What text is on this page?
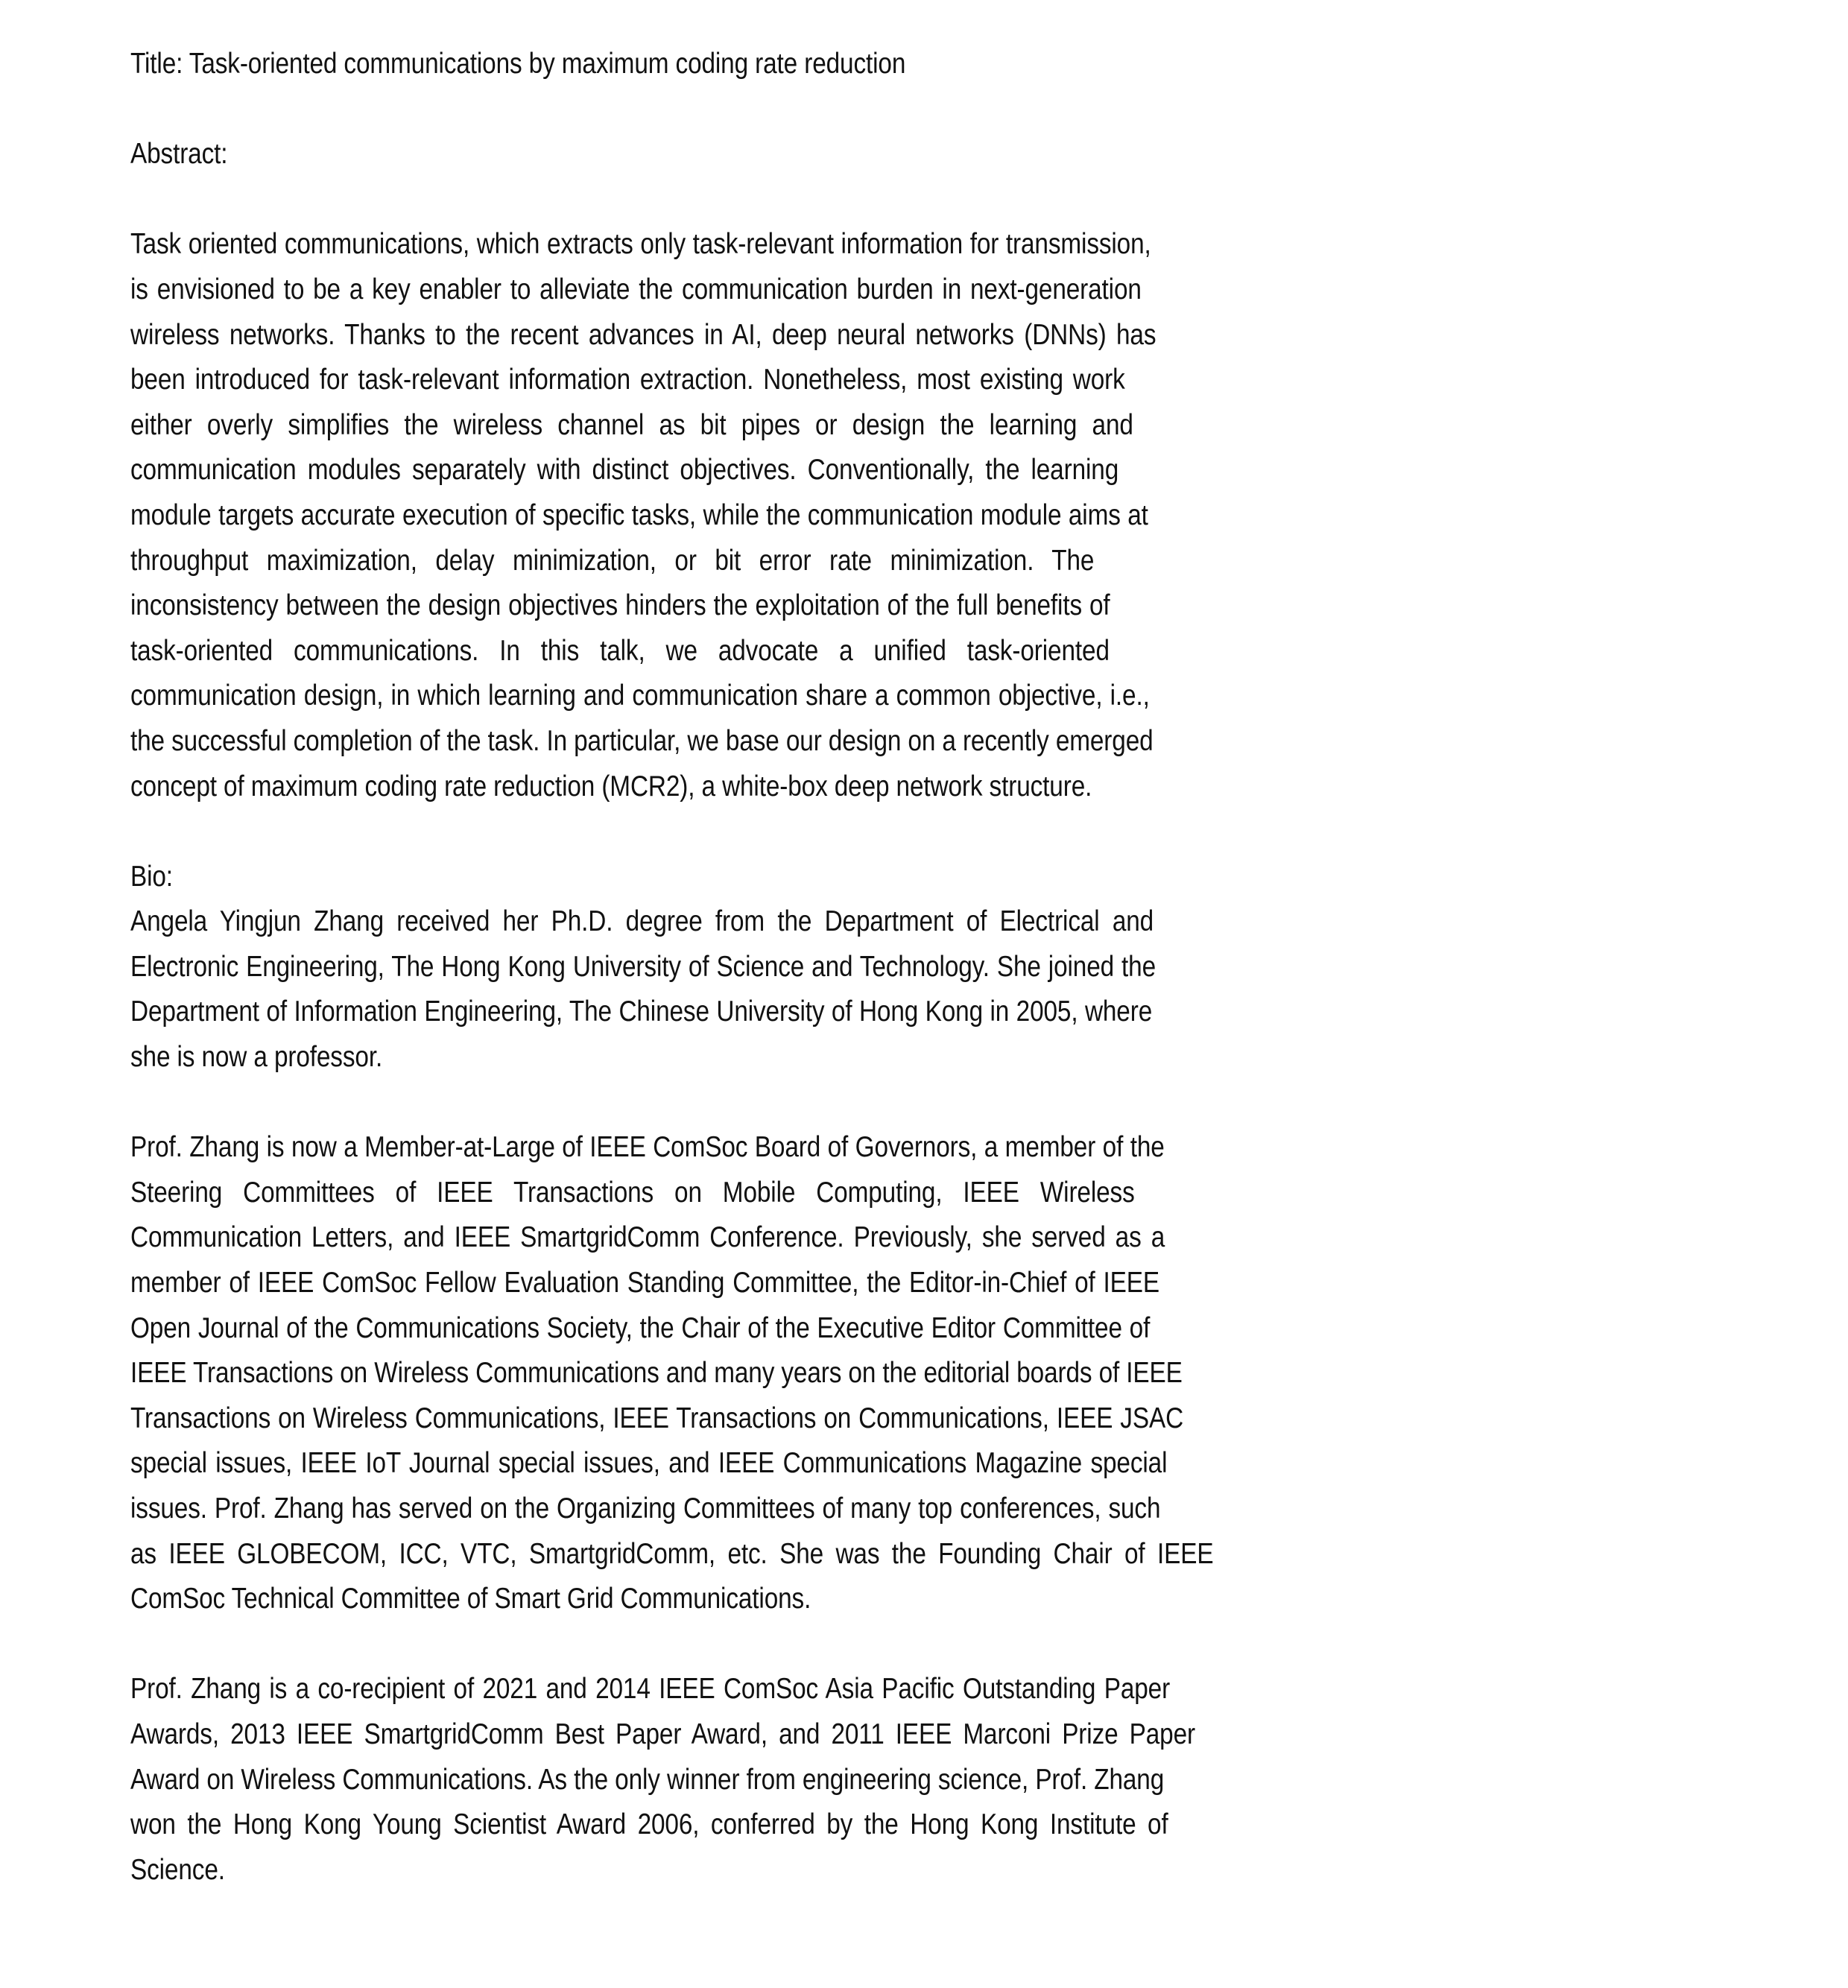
Title: Task-oriented communications by maximum coding rate reduction
Abstract:
Task oriented communications, which extracts only task-relevant information for transmission,
is envisioned to be a key enabler to alleviate the communication burden in next-generation
wireless networks. Thanks to the recent advances in AI, deep neural networks (DNNs) has
been introduced for task-relevant information extraction. Nonetheless, most existing work
either overly simplifies the wireless channel as bit pipes or design the learning and
communication modules separately with distinct objectives. Conventionally, the learning
module targets accurate execution of specific tasks, while the communication module aims at
throughput maximization, delay minimization, or bit error rate minimization. The
inconsistency between the design objectives hinders the exploitation of the full benefits of
task-oriented communications. In this talk, we advocate a unified task-oriented
communication design, in which learning and communication share a common objective, i.e.,
the successful completion of the task. In particular, we base our design on a recently emerged
concept of maximum coding rate reduction (MCR2), a white-box deep network structure.
Bio:
Angela Yingjun Zhang received her Ph.D. degree from the Department of Electrical and
Electronic Engineering, The Hong Kong University of Science and Technology. She joined the
Department of Information Engineering, The Chinese University of Hong Kong in 2005, where
she is now a professor.
Prof. Zhang is now a Member-at-Large of IEEE ComSoc Board of Governors, a member of the
Steering Committees of IEEE Transactions on Mobile Computing, IEEE Wireless
Communication Letters, and IEEE SmartgridComm Conference. Previously, she served as a
member of IEEE ComSoc Fellow Evaluation Standing Committee, the Editor-in-Chief of IEEE
Open Journal of the Communications Society, the Chair of the Executive Editor Committee of
IEEE Transactions on Wireless Communications and many years on the editorial boards of IEEE
Transactions on Wireless Communications, IEEE Transactions on Communications, IEEE JSAC
special issues, IEEE IoT Journal special issues, and IEEE Communications Magazine special
issues. Prof. Zhang has served on the Organizing Committees of many top conferences, such
as IEEE GLOBECOM, ICC, VTC, SmartgridComm, etc. She was the Founding Chair of IEEE
ComSoc Technical Committee of Smart Grid Communications.
Prof. Zhang is a co-recipient of 2021 and 2014 IEEE ComSoc Asia Pacific Outstanding Paper
Awards, 2013 IEEE SmartgridComm Best Paper Award, and 2011 IEEE Marconi Prize Paper
Award on Wireless Communications. As the only winner from engineering science, Prof. Zhang
won the Hong Kong Young Scientist Award 2006, conferred by the Hong Kong Institute of
Science.
